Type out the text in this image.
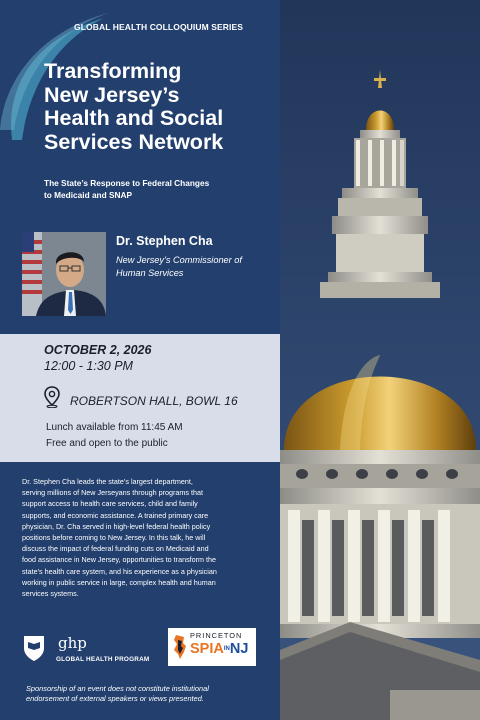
GLOBAL HEALTH COLLOQUIUM SERIES
Transforming
New Jersey’s
Health and Social
Services Network
The State’s Response to Federal Changes
to Medicaid and SNAP
Dr. Stephen Cha
New Jersey’s Commissioner of
Human Services
OCTOBER 2, 2026
12:00 - 1:30 PM
ROBERTSON HALL, BOWL 16
Lunch available from 11:45 AM
Free and open to the public
Dr. Stephen Cha leads the state’s largest department,
serving millions of New Jerseyans through programs that
support access to health care services, child and family
supports, and economic assistance. A trained primary care
physician, Dr. Cha served in high-level federal health policy
positions before coming to New Jersey. In this talk, he will
discuss the impact of federal funding cuts on Medicaid and
food assistance in New Jersey, opportunities to transform the
state’s health care system, and his experience as a physician
working in public service in large, complex health and human
services systems.
ghp
GLOBAL HEALTH PROGRAM
PRINCETON
SPIAINNJ
Sponsorship of an event does not constitute institutional
endorsement of external speakers or views presented.
